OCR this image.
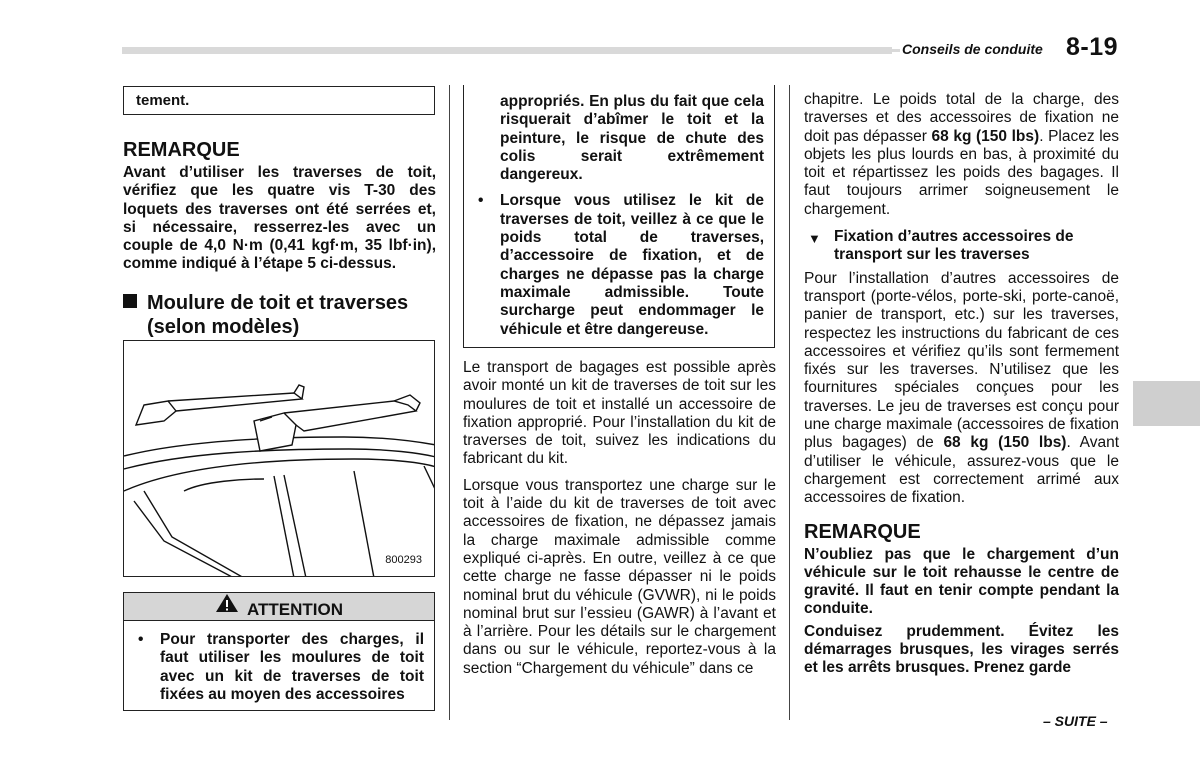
Conseils de conduite 8-19
tement.
REMARQUE

Avant d’utiliser les traverses de toit, vérifiez que les quatre vis T-30 des loquets des traverses ont été serrées et, si nécessaire, resserrez-les avec un couple de 4,0 N·m (0,41 kgf·m, 35 lbf·in), comme indiqué à l’étape 5 ci-dessus.

Moulure de toit et traverses
(selon modèles)
800293
ATTENTION
• Pour transporter des charges, il faut utiliser les moulures de toit avec un kit de traverses de toit fixées au moyen des accessoires

appropriés. En plus du fait que cela risquerait d’abîmer le toit et la peinture, le risque de chute des colis serait extrêmement dangereux.

• Lorsque vous utilisez le kit de traverses de toit, veillez à ce que le poids total de traverses, d’accessoire de fixation, et de charges ne dépasse pas la charge maximale admissible. Toute surcharge peut endommager le véhicule et être dangereuse.

Le transport de bagages est possible après avoir monté un kit de traverses de toit sur les moulures de toit et installé un accessoire de fixation approprié. Pour l’installation du kit de traverses de toit, suivez les indications du fabricant du kit.

Lorsque vous transportez une charge sur le toit à l’aide du kit de traverses de toit avec accessoires de fixation, ne dépassez jamais la charge maximale admissible comme expliqué ci-après. En outre, veillez à ce que cette charge ne fasse dépasser ni le poids nominal brut du véhicule (GVWR), ni le poids nominal brut sur l’essieu (GAWR) à l’avant et à l’arrière. Pour les détails sur le chargement dans ou sur le véhicule, reportez-vous à la section “Chargement du véhicule” dans ce

chapitre. Le poids total de la charge, des traverses et des accessoires de fixation ne doit pas dépasser 68 kg (150 lbs). Placez les objets les plus lourds en bas, à proximité du toit et répartissez les poids des bagages. Il faut toujours arrimer soigneusement le chargement.

▼ Fixation d’autres accessoires de transport sur les traverses

Pour l’installation d’autres accessoires de transport (porte-vélos, porte-ski, porte-canoë, panier de transport, etc.) sur les traverses, respectez les instructions du fabricant de ces accessoires et vérifiez qu’ils sont fermement fixés sur les traverses. N’utilisez que les fournitures spéciales conçues pour les traverses. Le jeu de traverses est conçu pour une charge maximale (accessoires de fixation plus bagages) de 68 kg (150 lbs). Avant d’utiliser le véhicule, assurez-vous que le chargement est correctement arrimé aux accessoires de fixation.

REMARQUE

N’oubliez pas que le chargement d’un véhicule sur le toit rehausse le centre de gravité. Il faut en tenir compte pendant la conduite.

Conduisez prudemment. Évitez les démarrages brusques, les virages serrés et les arrêts brusques. Prenez garde

– SUITE –
